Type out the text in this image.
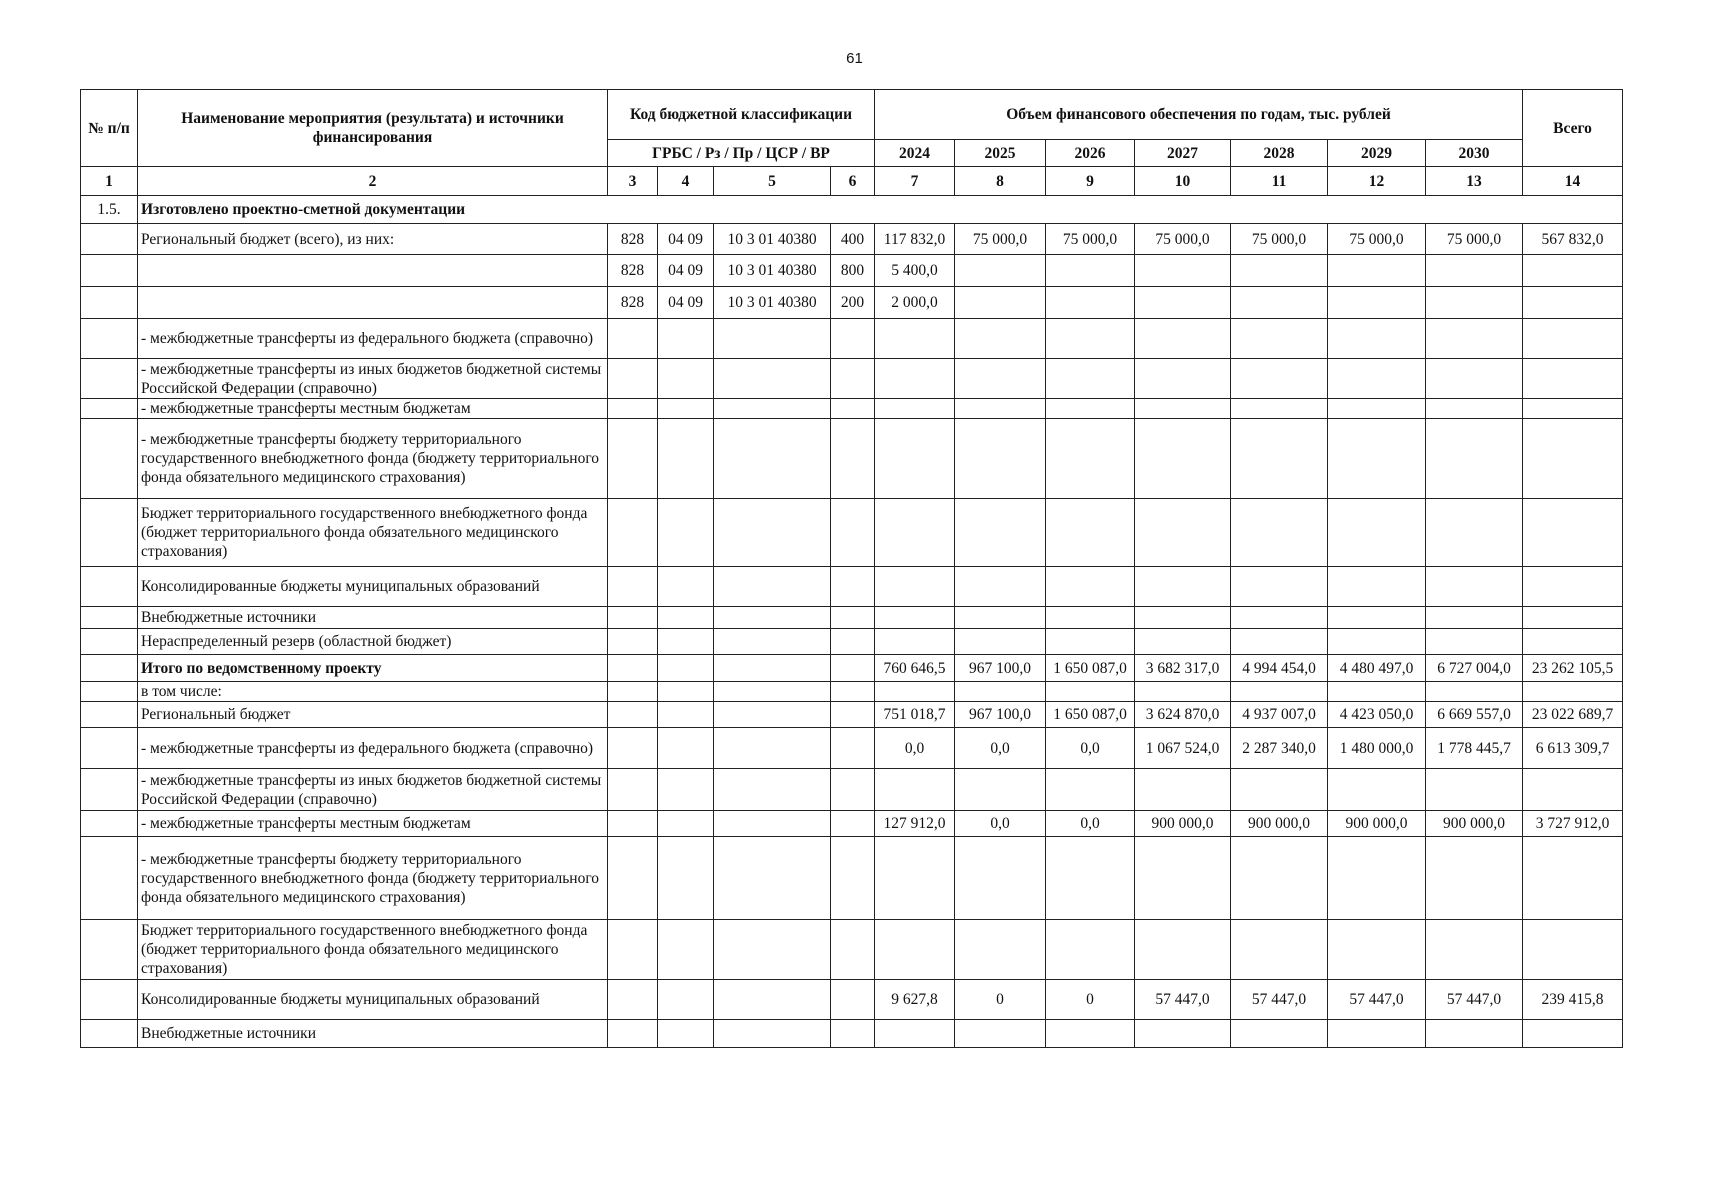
61
№ п/п	Наименование мероприятия (результата) и источники финансирования	Код бюджетной классификации				Объем финансового обеспечения по годам, тыс. рублей							Всего
		ГРБС / Рз / Пр / ЦСР / ВР				2024	2025	2026	2027	2028	2029	2030	
1	2	3	4	5	6	7	8	9	10	11	12	13	14
1.5.	Изготовлено проектно-сметной документации												
	Региональный бюджет (всего), из них:	828	04 09	10 3 01 40380	400	117 832,0	75 000,0	75 000,0	75 000,0	75 000,0	75 000,0	75 000,0	567 832,0
		828	04 09	10 3 01 40380	800	5 400,0							
		828	04 09	10 3 01 40380	200	2 000,0							
	- межбюджетные трансферты из федерального бюджета (справочно)												
	- межбюджетные трансферты из иных бюджетов бюджетной системы Российской Федерации (справочно)												
	- межбюджетные трансферты местным бюджетам												
	- межбюджетные трансферты бюджету территориального государственного внебюджетного фонда (бюджету территориального фонда обязательного медицинского страхования)												
	Бюджет территориального государственного внебюджетного фонда (бюджет территориального фонда обязательного медицинского страхования)												
	Консолидированные бюджеты муниципальных образований												
	Внебюджетные источники												
	Нераспределенный резерв (областной бюджет)												
	Итого по ведомственному проекту					760 646,5	967 100,0	1 650 087,0	3 682 317,0	4 994 454,0	4 480 497,0	6 727 004,0	23 262 105,5
	в том числе:												
	Региональный бюджет					751 018,7	967 100,0	1 650 087,0	3 624 870,0	4 937 007,0	4 423 050,0	6 669 557,0	23 022 689,7
	- межбюджетные трансферты из федерального бюджета (справочно)					0,0	0,0	0,0	1 067 524,0	2 287 340,0	1 480 000,0	1 778 445,7	6 613 309,7
	- межбюджетные трансферты из иных бюджетов бюджетной системы Российской Федерации (справочно)												
	- межбюджетные трансферты местным бюджетам					127 912,0	0,0	0,0	900 000,0	900 000,0	900 000,0	900 000,0	3 727 912,0
	- межбюджетные трансферты бюджету территориального государственного внебюджетного фонда (бюджету территориального фонда обязательного медицинского страхования)												
	Бюджет территориального государственного внебюджетного фонда (бюджет территориального фонда обязательного медицинского страхования)												
	Консолидированные бюджеты муниципальных образований					9 627,8	0	0	57 447,0	57 447,0	57 447,0	57 447,0	239 415,8
	Внебюджетные источники												
